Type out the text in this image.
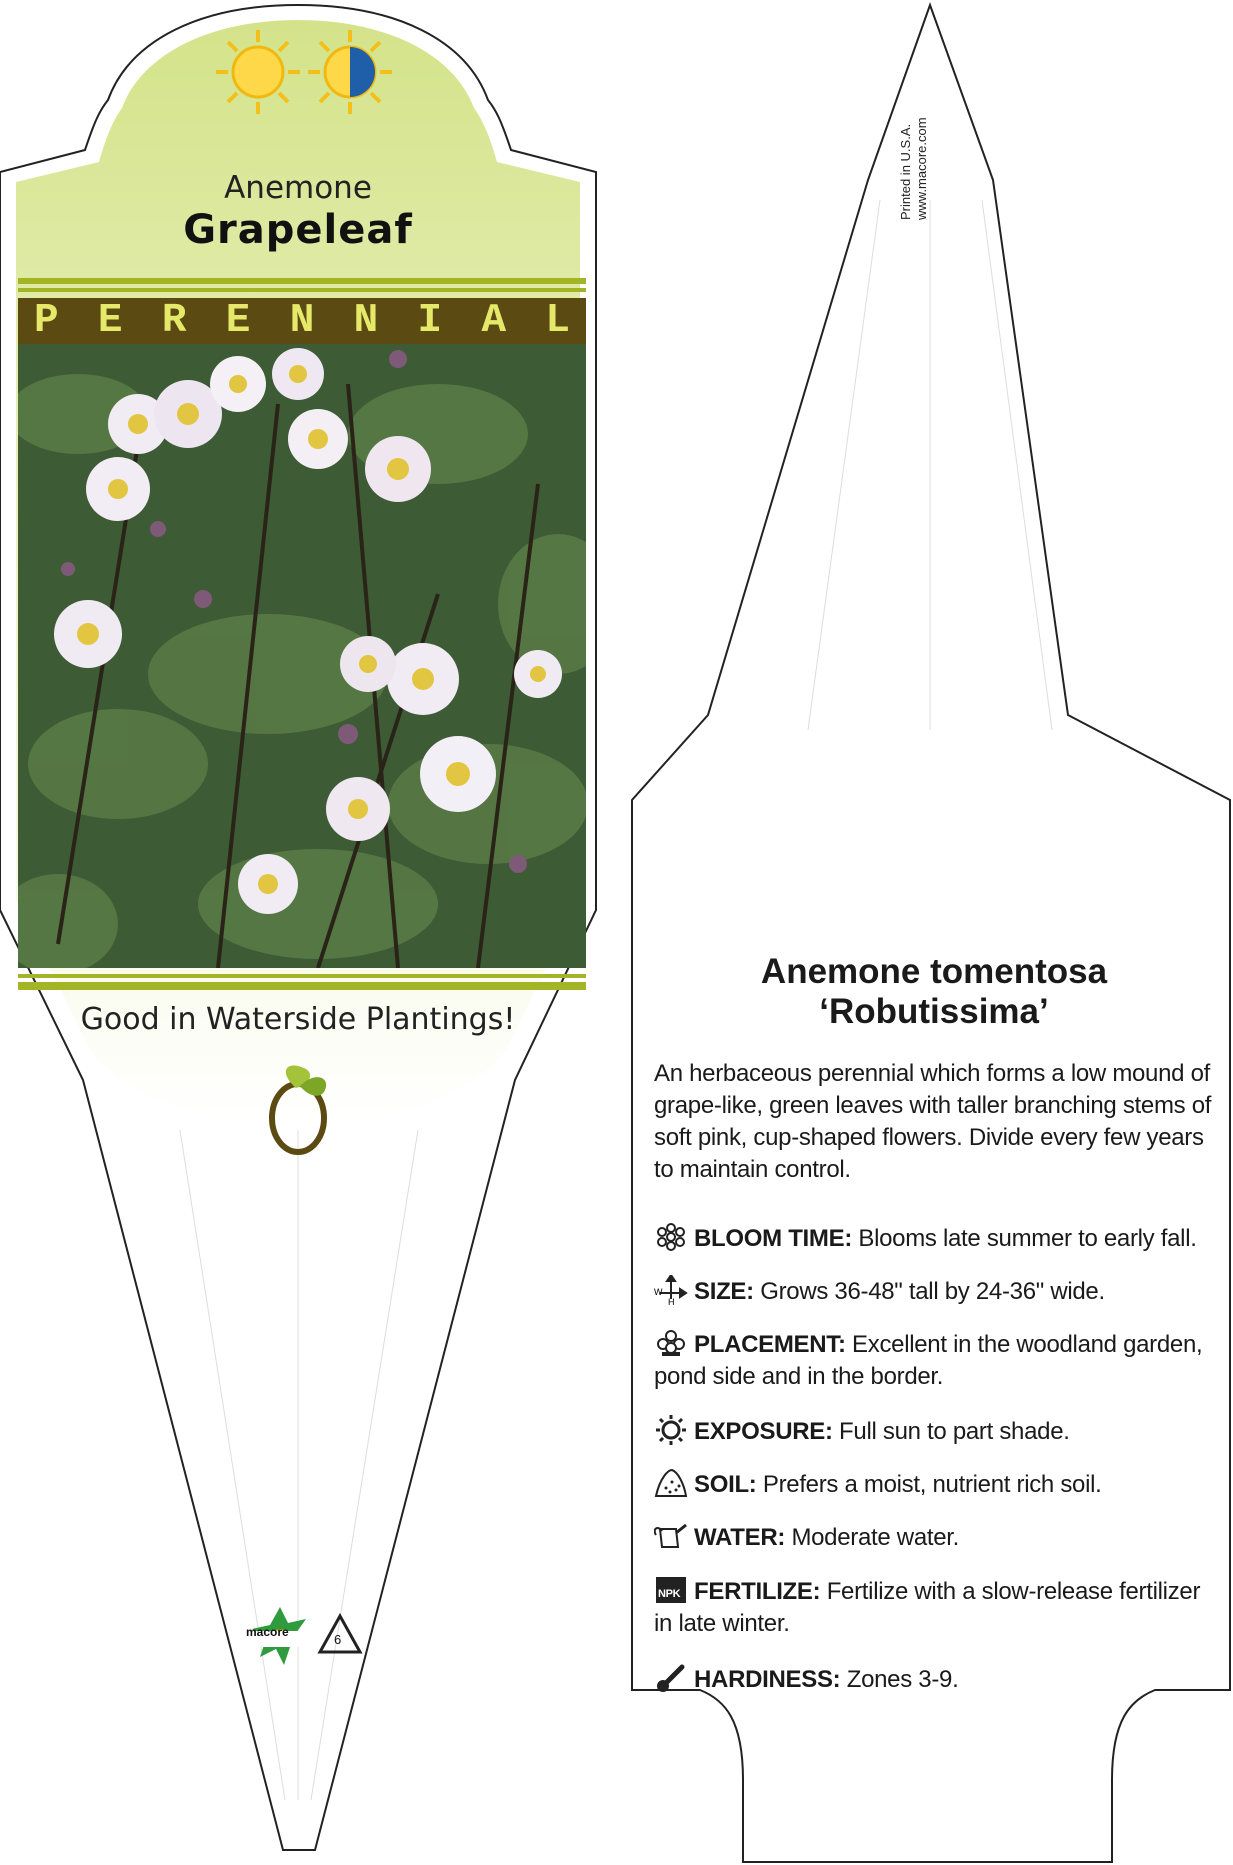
Anemone
Grapeleaf
P E R E N N I A L
Good in Waterside Plantings!
macore	6
Printed in U.S.A. www.macore.com
Anemone tomentosa
‘Robutissima’
An herbaceous perennial which forms a low mound of grape-like, green leaves with taller branching stems of soft pink, cup-shaped flowers. Divide every few years to maintain control.
BLOOM TIME: Blooms late summer to early fall.
W
H SIZE: Grows 36-48" tall by 24-36" wide.
PLACEMENT: Excellent in the woodland garden, pond side and in the border.
EXPOSURE: Full sun to part shade.
SOIL: Prefers a moist, nutrient rich soil.
WATER: Moderate water.
NPK FERTILIZE: Fertilize with a slow-release fertilizer in late winter.
HARDINESS: Zones 3-9.
